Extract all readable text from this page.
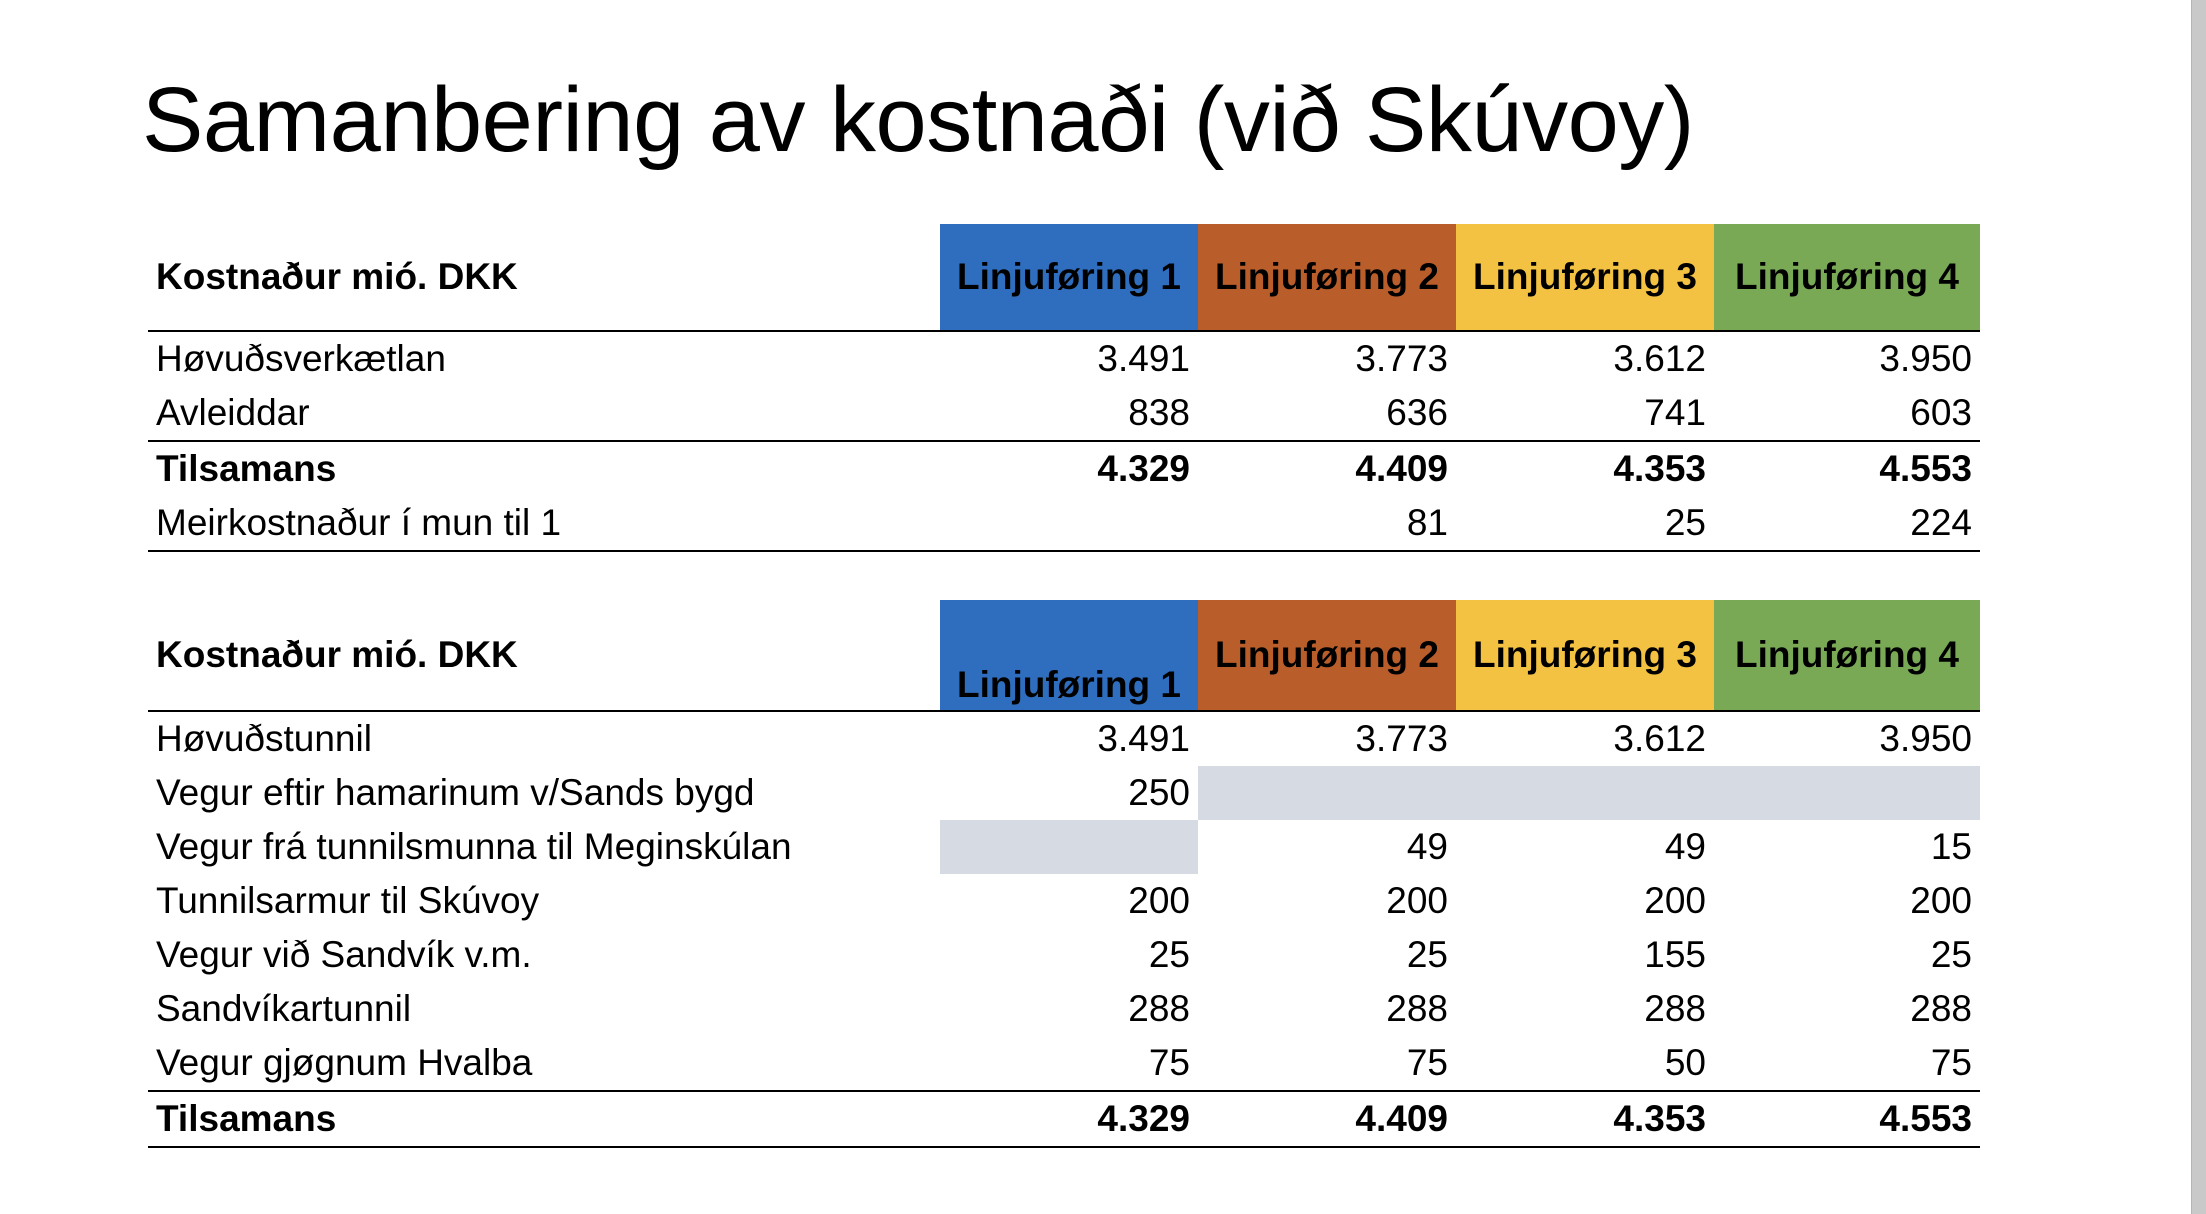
Samanbering av kostnaði (við Skúvoy)
Kostnaður mió. DKK	Linjuføring 1	Linjuføring 2	Linjuføring 3	Linjuføring 4
Høvuðsverkætlan	3.491	3.773	3.612	3.950
Avleiddar	838	636	741	603
Tilsamans	4.329	4.409	4.353	4.553
Meirkostnaður í mun til 1		81	25	224
Kostnaður mió. DKK	Linjuføring 1	Linjuføring 2	Linjuføring 3	Linjuføring 4
Høvuðstunnil	3.491	3.773	3.612	3.950
Vegur eftir hamarinum v/Sands bygd	250			
Vegur frá tunnilsmunna til Meginskúlan		49	49	15
Tunnilsarmur til Skúvoy	200	200	200	200
Vegur við Sandvík v.m.	25	25	155	25
Sandvíkartunnil	288	288	288	288
Vegur gjøgnum Hvalba	75	75	50	75
Tilsamans	4.329	4.409	4.353	4.553
